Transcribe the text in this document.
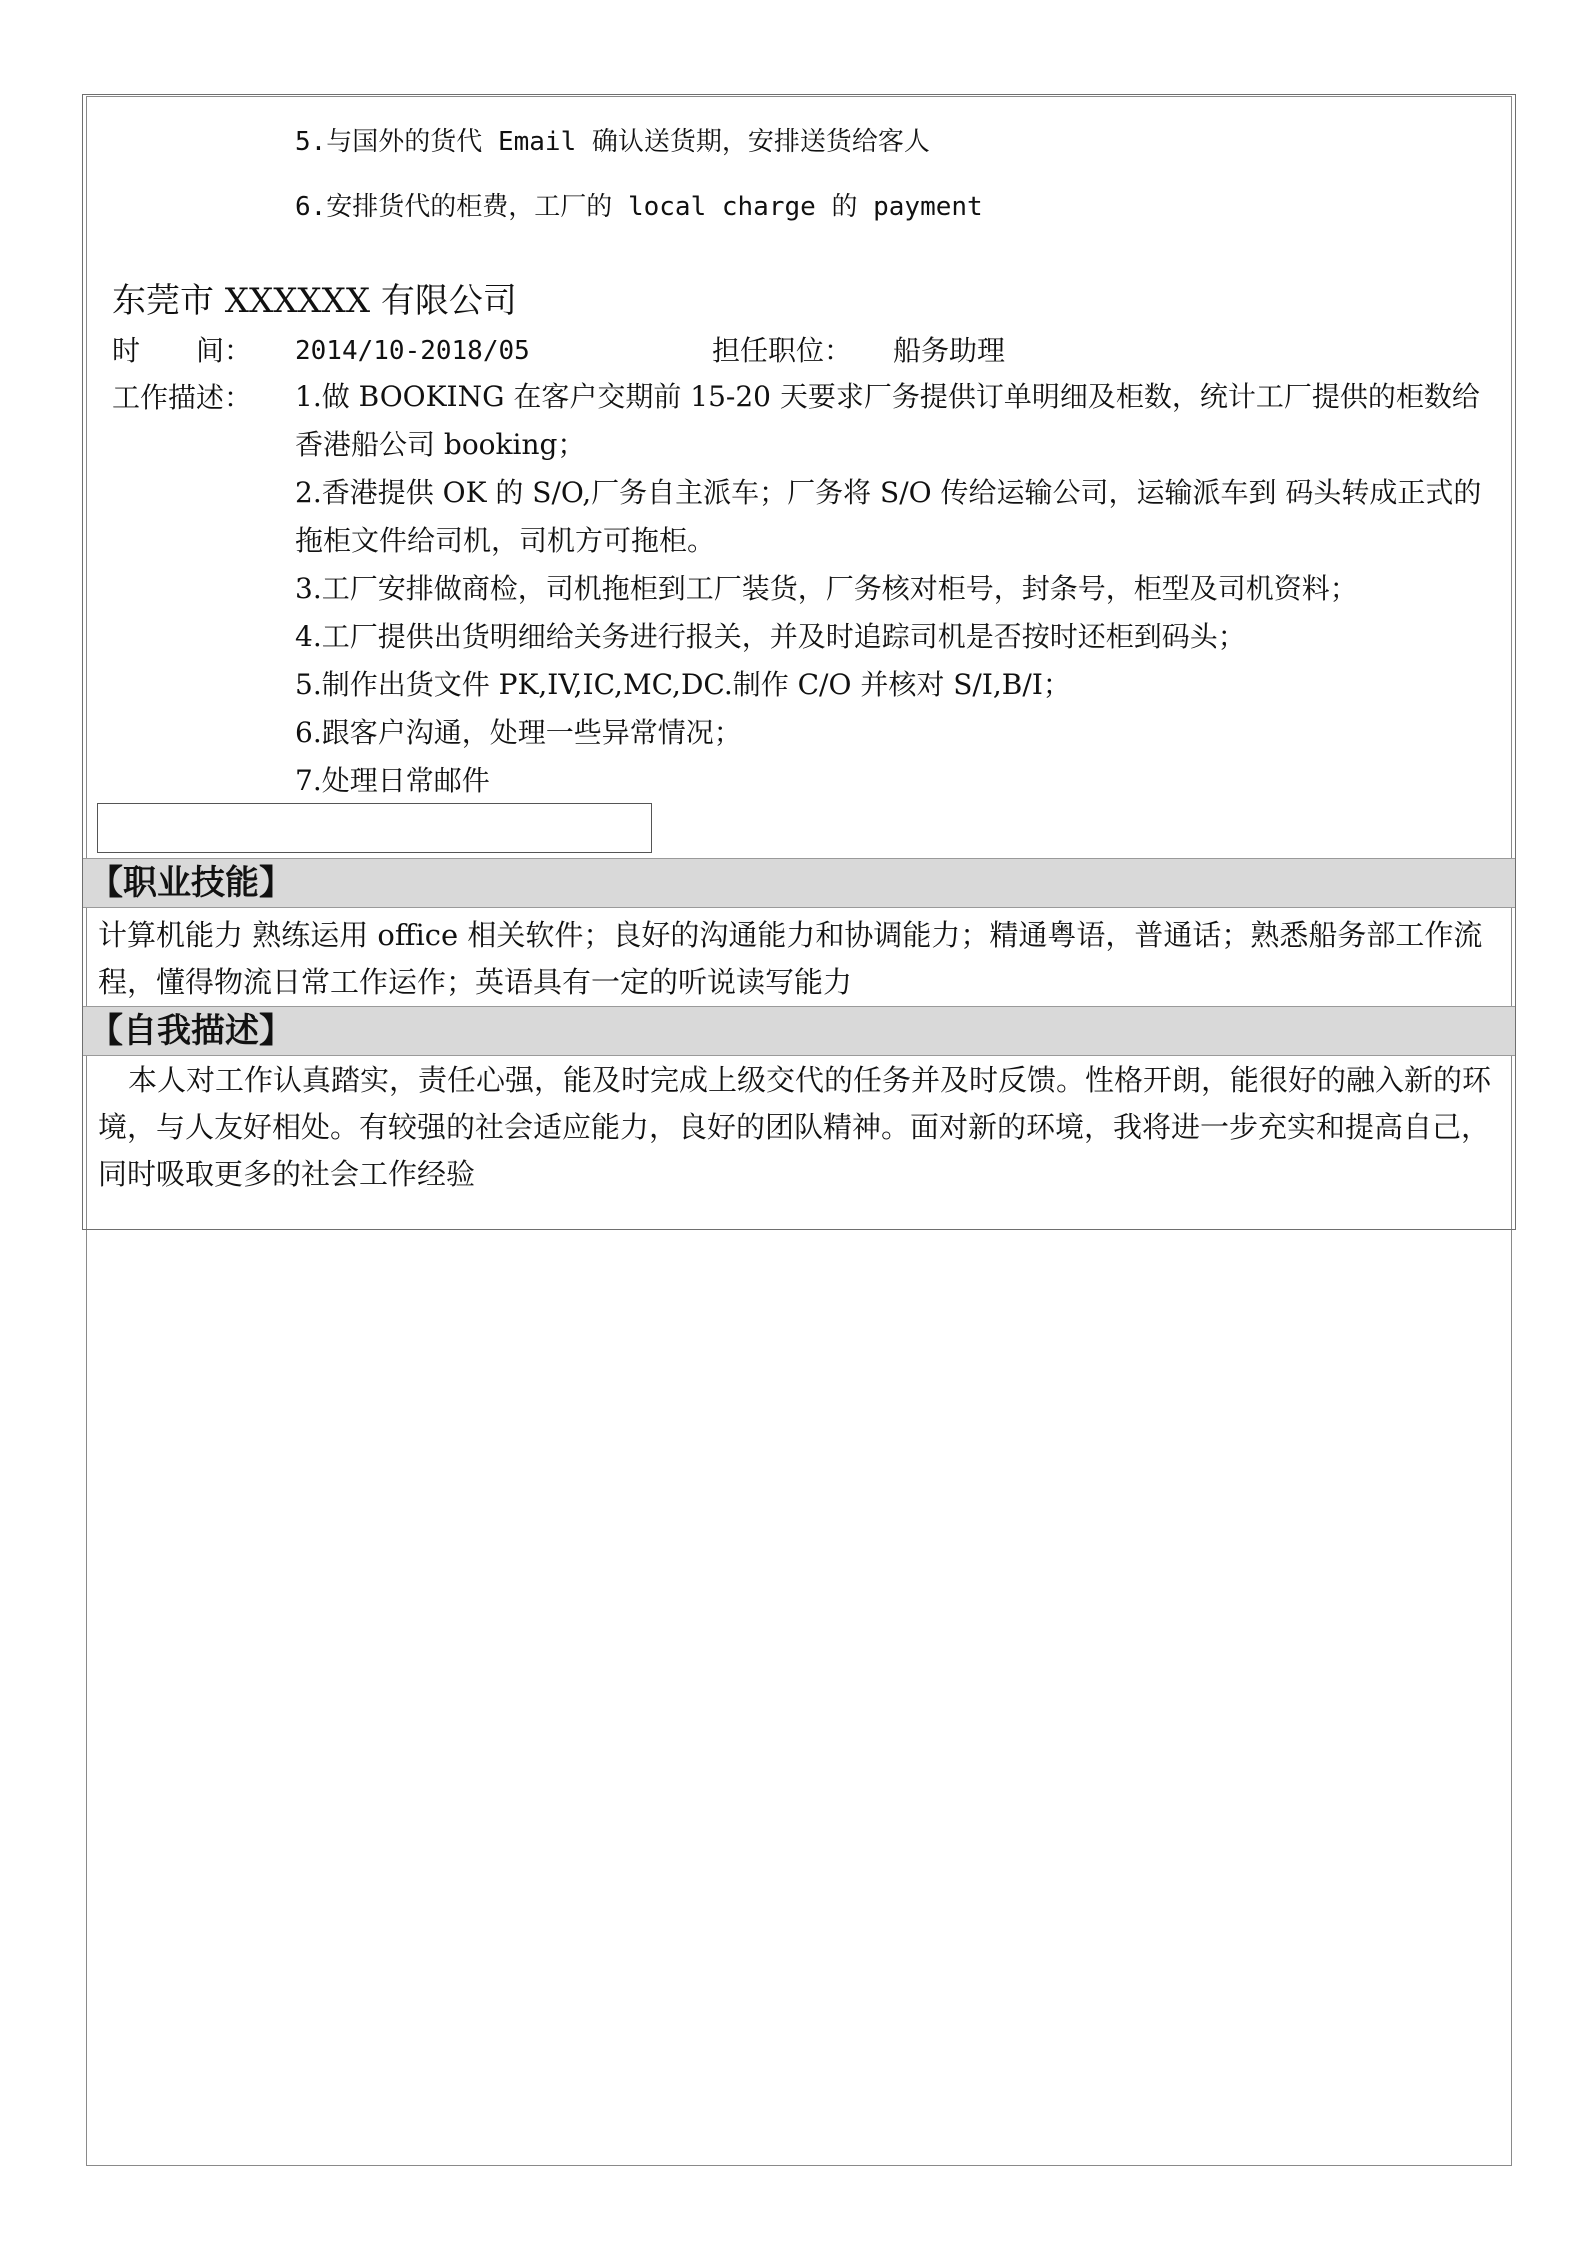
5.与国外的货代 Email 确认送货期，安排送货给客人
6.安排货代的柜费，工厂的 local charge 的 payment
东莞市 XXXXXX 有限公司
时　　间： 2014/10-2018/05	担任职位： 船务助理
工作描述： 1.做 BOOKING 在客户交期前 15-20 天要求厂务提供订单明细及柜数，统计工厂提供的柜数给香港船公司 booking；

2.香港提供 OK 的 S/O,厂务自主派车；厂务将 S/O 传给运输公司，运输派车到 码头转成正式的拖柜文件给司机，司机方可拖柜。

3.工厂安排做商检，司机拖柜到工厂装货，厂务核对柜号，封条号，柜型及司机资料；

4.工厂提供出货明细给关务进行报关，并及时追踪司机是否按时还柜到码头；

5.制作出货文件 PK,IV,IC,MC,DC.制作 C/O 并核对 S/I,B/I；

6.跟客户沟通，处理一些异常情况；

7.处理日常邮件

【职业技能】
计算机能力 熟练运用 office 相关软件；良好的沟通能力和协调能力；精通粤语，普通话；熟悉船务部工作流程，懂得物流日常工作运作；英语具有一定的听说读写能力
【自我描述】
本人对工作认真踏实，责任心强，能及时完成上级交代的任务并及时反馈。性格开朗，能很好的融入新的环境，与人友好相处。有较强的社会适应能力，良好的团队精神。面对新的环境，我将进一步充实和提高自己，同时吸取更多的社会工作经验
